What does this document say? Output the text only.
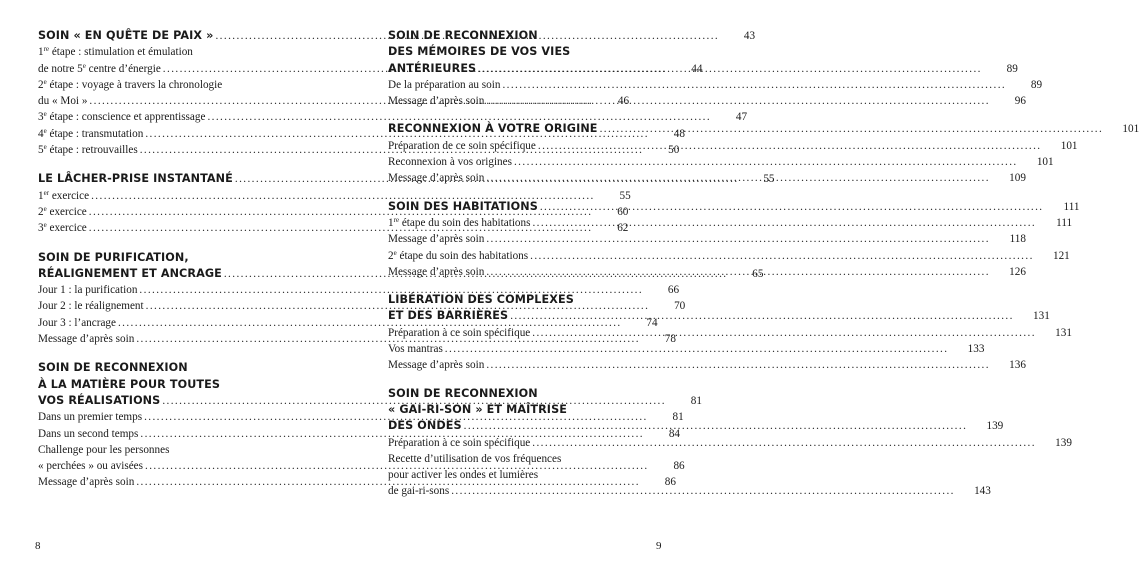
SOIN « EN QUÊTE DE PAIX » .....	43
1re étape : stimulation et émulation
de notre 5e centre d’énergie .....	44
2e étape : voyage à travers la chronologie
du « Moi » .....	46
3e étape : conscience et apprentissage .....	47
4e étape : transmutation .....	48
5e étape : retrouvailles .....	50
LE LÂCHER-PRISE INSTANTANÉ .....	55
1er exercice .....	55
2e exercice .....	60
3e exercice .....	62
SOIN DE PURIFICATION,
RÉALIGNEMENT ET ANCRAGE .....	65
Jour 1 : la purification .....	66
Jour 2 : le réalignement .....	70
Jour 3 : l’ancrage .....	74
Message d’après soin .....	78
SOIN DE RECONNEXION
À LA MATIÈRE POUR TOUTES
VOS RÉALISATIONS .....	81
Dans un premier temps .....	81
Dans un second temps .....	84
Challenge pour les personnes
« perchées » ou avisées .....	86
Message d’après soin .....	86
8
SOIN DE RECONNEXION
DES MÉMOIRES DE VOS VIES
ANTÉRIEURES .....	89
De la préparation au soin .....	89
Message d’après soin .....	96
RECONNEXION À VOTRE ORIGINE .....	101
Préparation de ce soin spécifique .....	101
Reconnexion à vos origines .....	101
Message d’après soin .....	109
SOIN DES HABITATIONS .....	111
1re étape du soin des habitations .....	111
Message d’après soin .....	118
2e étape du soin des habitations .....	121
Message d’après soin .....	126
LIBÉRATION DES COMPLEXES
ET DES BARRIÈRES .....	131
Préparation à ce soin spécifique .....	131
Vos mantras .....	133
Message d’après soin .....	136
SOIN DE RECONNEXION
« GAI-RI-SON » ET MAÎTRISE
DES ONDES .....	139
Préparation à ce soin spécifique .....	139
Recette d’utilisation de vos fréquences
pour activer les ondes et lumières
de gai-ri-sons .....	143
9
